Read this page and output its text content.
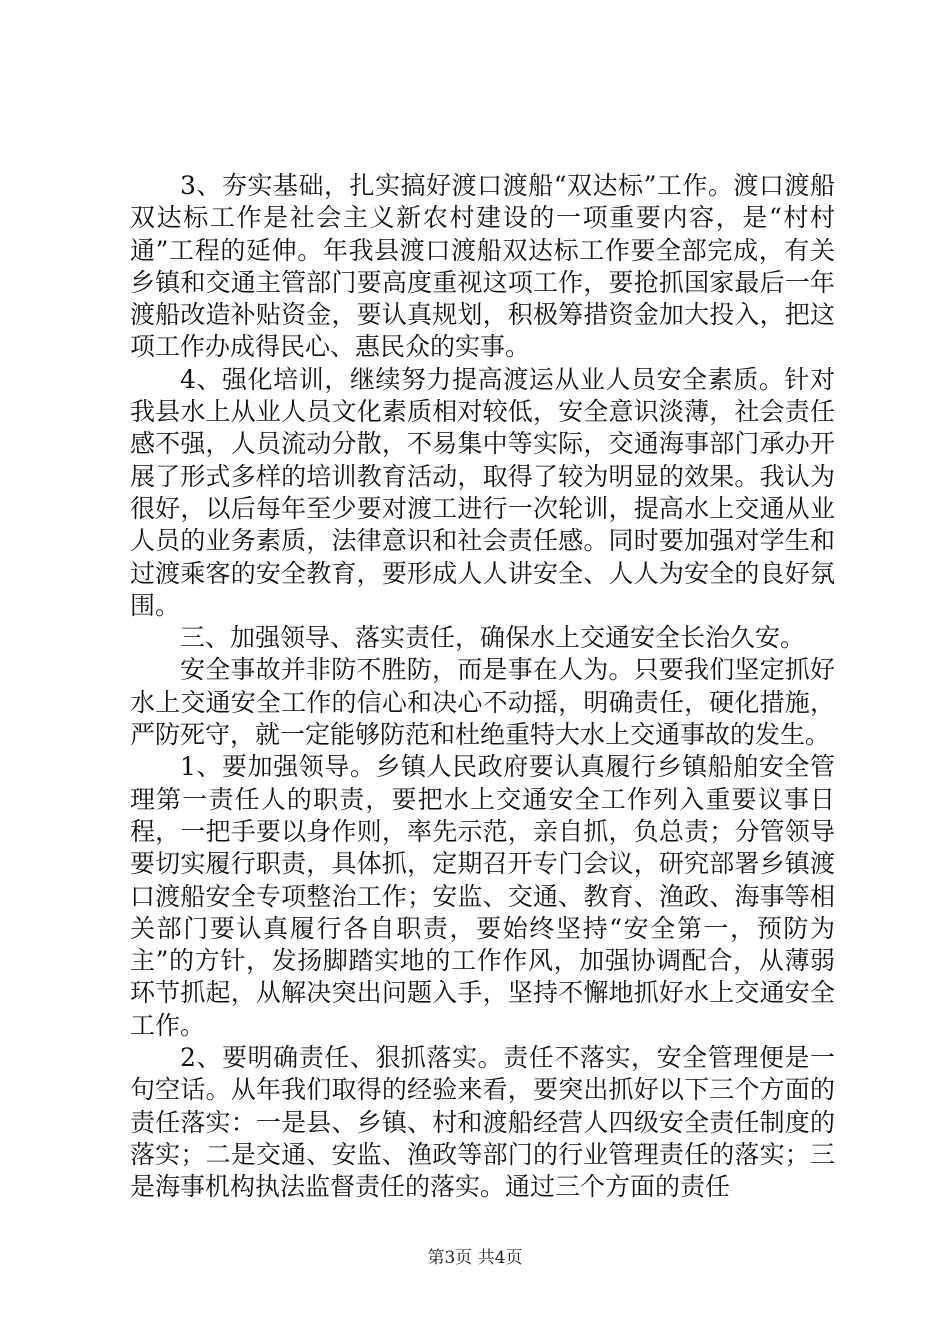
3、夯实基础，扎实搞好渡口渡船“双达标”工作。渡口渡船双达标工作是社会主义新农村建设的一项重要内容，是“村村通”工程的延伸。年我县渡口渡船双达标工作要全部完成，有关乡镇和交通主管部门要高度重视这项工作，要抢抓国家最后一年渡船改造补贴资金，要认真规划，积极筹措资金加大投入，把这项工作办成得民心、惠民众的实事。

4、强化培训，继续努力提高渡运从业人员安全素质。针对我县水上从业人员文化素质相对较低，安全意识淡薄，社会责任感不强，人员流动分散，不易集中等实际，交通海事部门承办开展了形式多样的培训教育活动，取得了较为明显的效果。我认为很好，以后每年至少要对渡工进行一次轮训，提高水上交通从业人员的业务素质，法律意识和社会责任感。同时要加强对学生和过渡乘客的安全教育，要形成人人讲安全、人人为安全的良好氛围。

三、加强领导、落实责任，确保水上交通安全长治久安。

安全事故并非防不胜防，而是事在人为。只要我们坚定抓好水上交通安全工作的信心和决心不动摇，明确责任，硬化措施，严防死守，就一定能够防范和杜绝重特大水上交通事故的发生。

1、要加强领导。乡镇人民政府要认真履行乡镇船舶安全管理第一责任人的职责，要把水上交通安全工作列入重要议事日程，一把手要以身作则，率先示范，亲自抓，负总责；分管领导要切实履行职责，具体抓，定期召开专门会议，研究部署乡镇渡口渡船安全专项整治工作；安监、交通、教育、渔政、海事等相关部门要认真履行各自职责，要始终坚持“安全第一，预防为主”的方针，发扬脚踏实地的工作作风，加强协调配合，从薄弱环节抓起，从解决突出问题入手，坚持不懈地抓好水上交通安全工作。

2、要明确责任、狠抓落实。责任不落实，安全管理便是一句空话。从年我们取得的经验来看，要突出抓好以下三个方面的责任落实：一是县、乡镇、村和渡船经营人四级安全责任制度的落实；二是交通、安监、渔政等部门的行业管理责任的落实；三是海事机构执法监督责任的落实。通过三个方面的责任

第3页 共4页
